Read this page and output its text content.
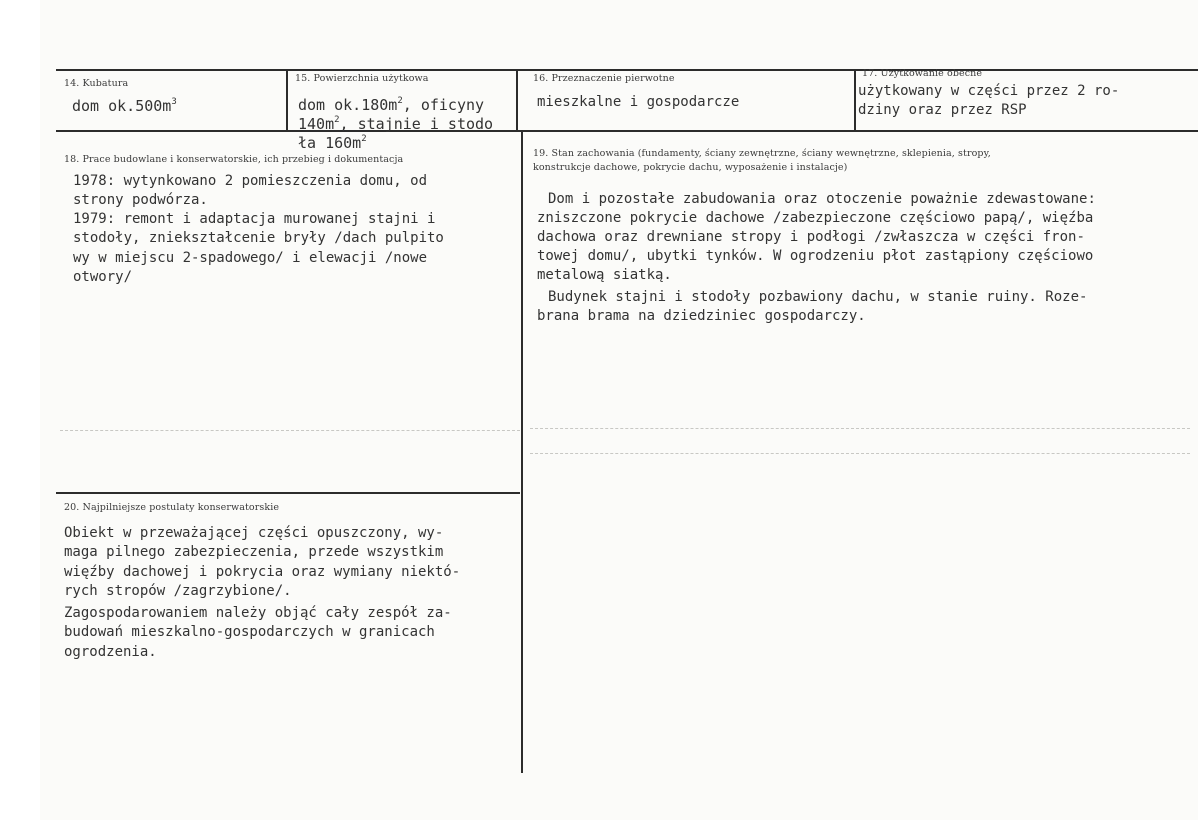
14. Kubatura
dom $ok.500m^3$
15. Powierzchnia użytkowa
dom $ok.180m^2$, oficyny
$140m^2$, stajnie i stodo
ła $160m^2$
16. Przeznaczenie pierwotne
mieszkalne i gospodarcze
17. Użytkowanie obecne
użytkowany w części przez 2 ro-
dziny oraz przez RSP
18. Prace budowlane i konserwatorskie, ich przebieg i dokumentacja
1978: wytynkowano 2 pomieszczenia domu, od
strony podwórza.
1979: remont i adaptacja murowanej stajni i
stodoły, zniekształcenie bryły /dach pulpito
wy w miejscu 2-spadowego/ i elewacji /nowe
otwory/
19. Stan zachowania (fundamenty, ściany zewnętrzne, ściany wewnętrzne, sklepienia, stropy,
konstrukcje dachowe, pokrycie dachu, wyposażenie i instalacje)
Dom i pozostałe zabudowania oraz otoczenie poważnie zdewastowane:
zniszczone pokrycie dachowe /zabezpieczone częściowo papą/, więźba
dachowa oraz drewniane stropy i podłogi /zwłaszcza w części fron-
towej domu/, ubytki tynków. W ogrodzeniu płot zastąpiony częściowo
metalową siatką.
Budynek stajni i stodoły pozbawiony dachu, w stanie ruiny. Roze-
brana brama na dziedziniec gospodarczy.
20. Najpilniejsze postulaty konserwatorskie
Obiekt w przeważającej części opuszczony, wy-
maga pilnego zabezpieczenia, przede wszystkim
więźby dachowej i pokrycia oraz wymiany niektó-
rych stropów /zagrzybione/.
Zagospodarowaniem należy objąć cały zespół za-
budowań mieszkalno-gospodarczych w granicach
ogrodzenia.
